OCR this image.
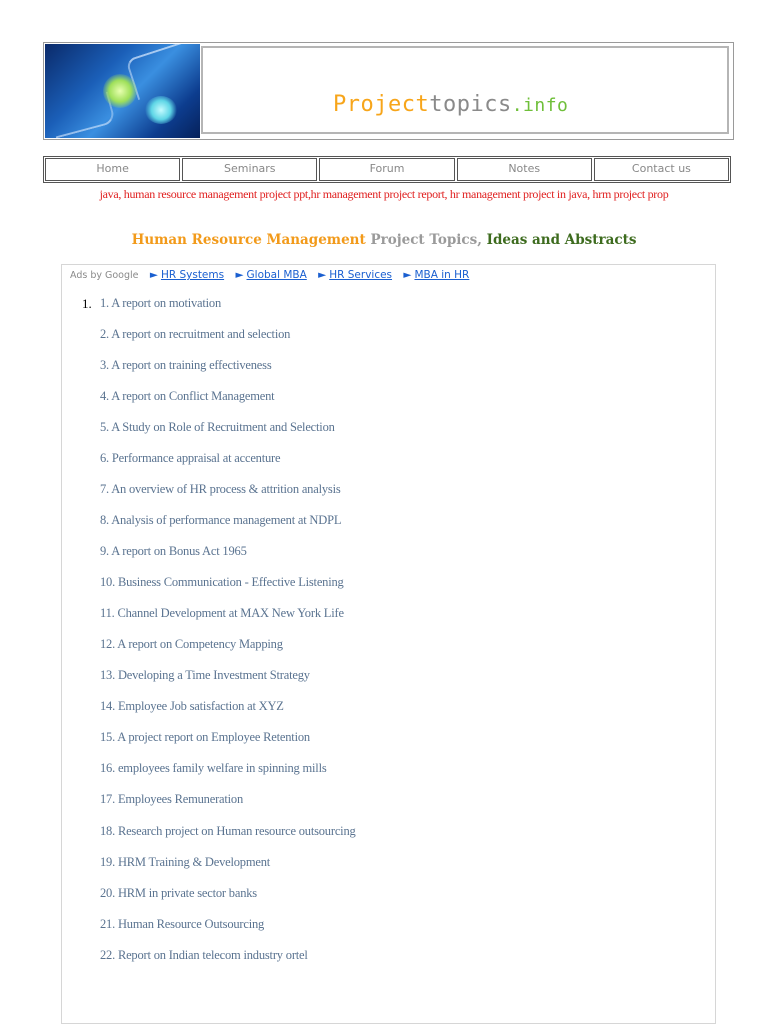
Projecttopics.info
Home	Seminars	Forum	Notes	Contact us
java, human resource management project ppt,hr management project report, hr management project in java, hrm project prop
Human Resource Management Project Topics, Ideas and Abstracts
Ads by Google ► HR Systems ► Global MBA ► HR Services ► MBA in HR
1. 1. A report on motivation
2. A report on recruitment and selection
3. A report on training effectiveness
4. A report on Conflict Management
5. A Study on Role of Recruitment and Selection
6. Performance appraisal at accenture
7. An overview of HR process & attrition analysis
8. Analysis of performance management at NDPL
9. A report on Bonus Act 1965
10. Business Communication - Effective Listening
11. Channel Development at MAX New York Life
12. A report on Competency Mapping
13. Developing a Time Investment Strategy
14. Employee Job satisfaction at XYZ
15. A project report on Employee Retention
16. employees family welfare in spinning mills
17. Employees Remuneration
18. Research project on Human resource outsourcing
19. HRM Training & Development
20. HRM in private sector banks
21. Human Resource Outsourcing
22. Report on Indian telecom industry ortel
